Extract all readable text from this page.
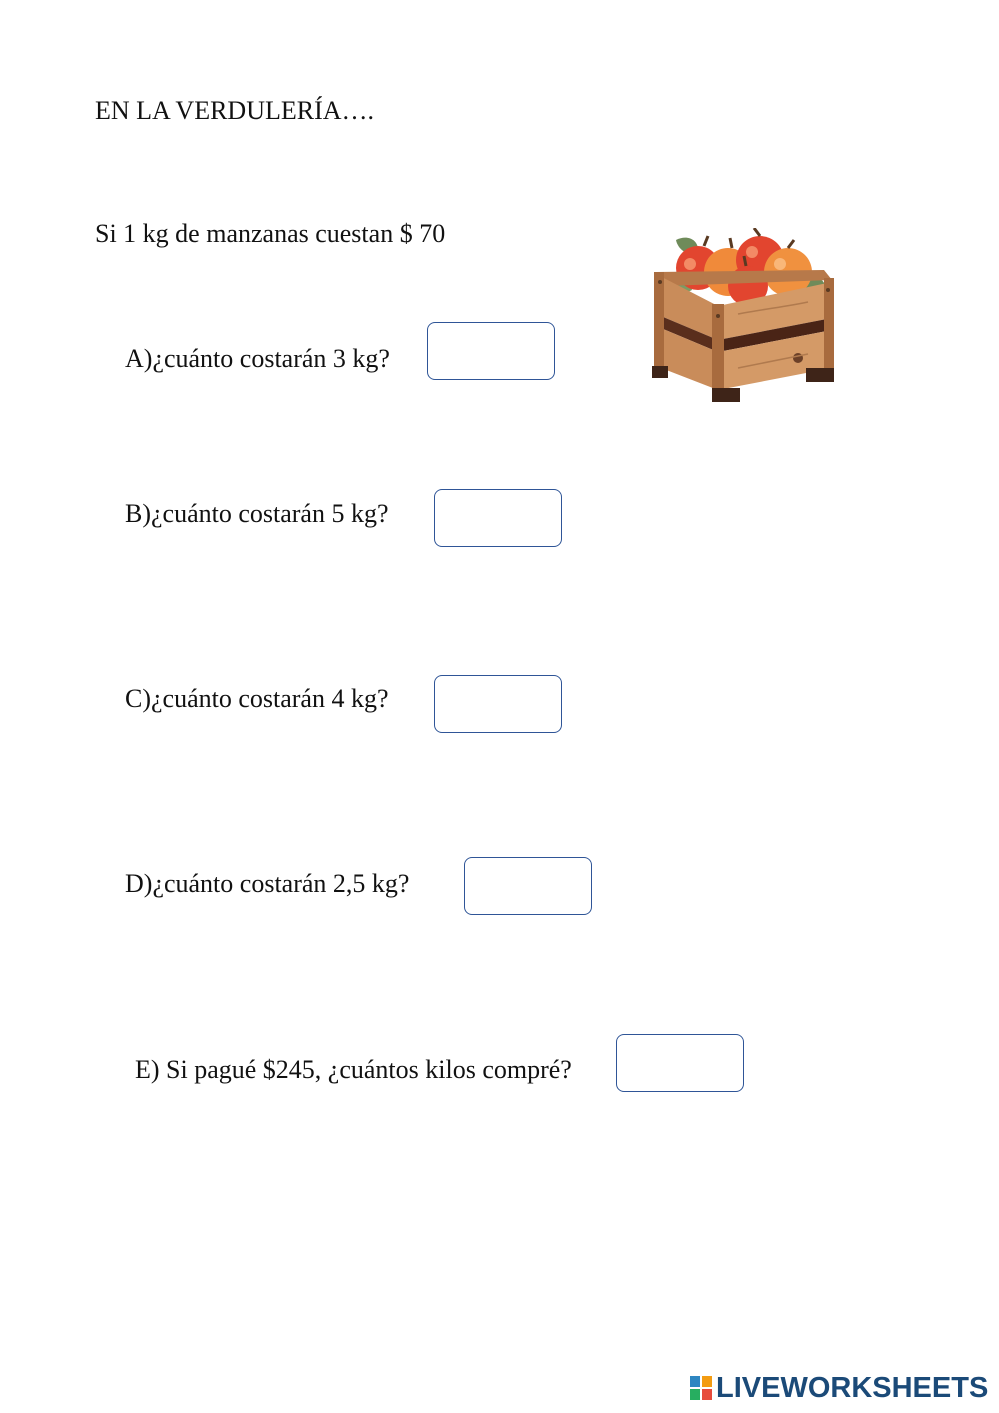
EN LA VERDULERÍA….
Si 1 kg de manzanas cuestan $ 70
A)¿cuánto costarán 3 kg?
B)¿cuánto costarán 5 kg?
C)¿cuánto costarán 4 kg?
D)¿cuánto costarán 2,5 kg?
E) Si pagué $245, ¿cuántos kilos compré?
LIVEWORKSHEETS
